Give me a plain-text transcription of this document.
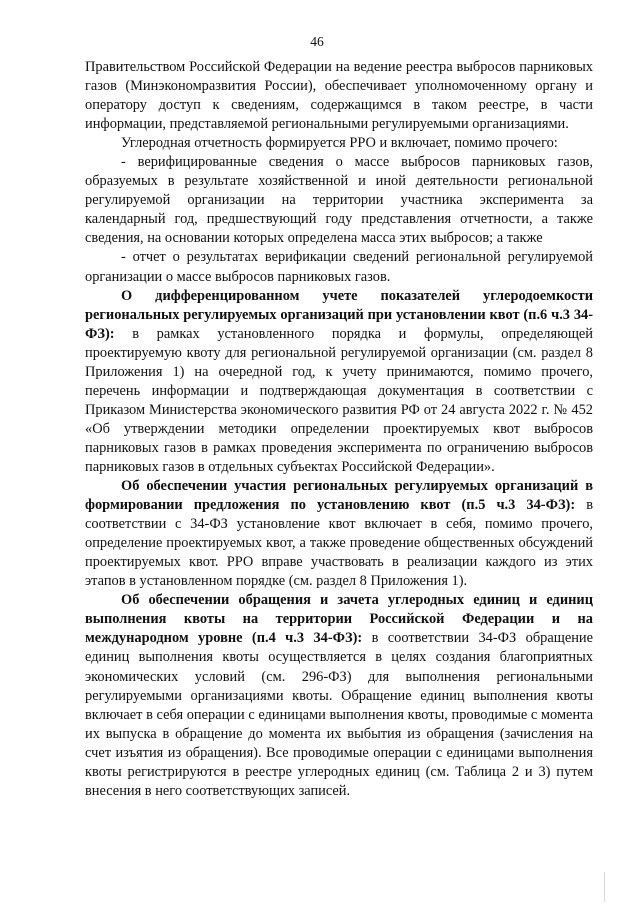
46

Правительством Российской Федерации на ведение реестра выбросов парниковых газов (Минэкономразвития России), обеспечивает уполномоченному органу и оператору доступ к сведениям, содержащимся в таком реестре, в части информации, представляемой региональными регулируемыми организациями.

Углеродная отчетность формируется РРО и включает, помимо прочего:

- верифицированные сведения о массе выбросов парниковых газов, образуемых в результате хозяйственной и иной деятельности региональной регулируемой организации на территории участника эксперимента за календарный год, предшествующий году представления отчетности, а также сведения, на основании которых определена масса этих выбросов; а также

- отчет о результатах верификации сведений региональной регулируемой организации о массе выбросов парниковых газов.

О дифференцированном учете показателей углеродоемкости региональных регулируемых организаций при установлении квот (п.6 ч.3 34-ФЗ): в рамках установленного порядка и формулы, определяющей проектируемую квоту для региональной регулируемой организации (см. раздел 8 Приложения 1) на очередной год, к учету принимаются, помимо прочего, перечень информации и подтверждающая документация в соответствии с Приказом Министерства экономического развития РФ от 24 августа 2022 г. № 452 «Об утверждении методики определении проектируемых квот выбросов парниковых газов в рамках проведения эксперимента по ограничению выбросов парниковых газов в отдельных субъектах Российской Федерации».

Об обеспечении участия региональных регулируемых организаций в формировании предложения по установлению квот (п.5 ч.3 34-ФЗ): в соответствии с 34-ФЗ установление квот включает в себя, помимо прочего, определение проектируемых квот, а также проведение общественных обсуждений проектируемых квот. РРО вправе участвовать в реализации каждого из этих этапов в установленном порядке (см. раздел 8 Приложения 1).

Об обеспечении обращения и зачета углеродных единиц и единиц выполнения квоты на территории Российской Федерации и на международном уровне (п.4 ч.3 34-ФЗ): в соответствии 34-ФЗ обращение единиц выполнения квоты осуществляется в целях создания благоприятных экономических условий (см. 296-ФЗ) для выполнения региональными регулируемыми организациями квоты. Обращение единиц выполнения квоты включает в себя операции с единицами выполнения квоты, проводимые с момента их выпуска в обращение до момента их выбытия из обращения (зачисления на счет изъятия из обращения). Все проводимые операции с единицами выполнения квоты регистрируются в реестре углеродных единиц (см. Таблица 2 и 3) путем внесения в него соответствующих записей.
